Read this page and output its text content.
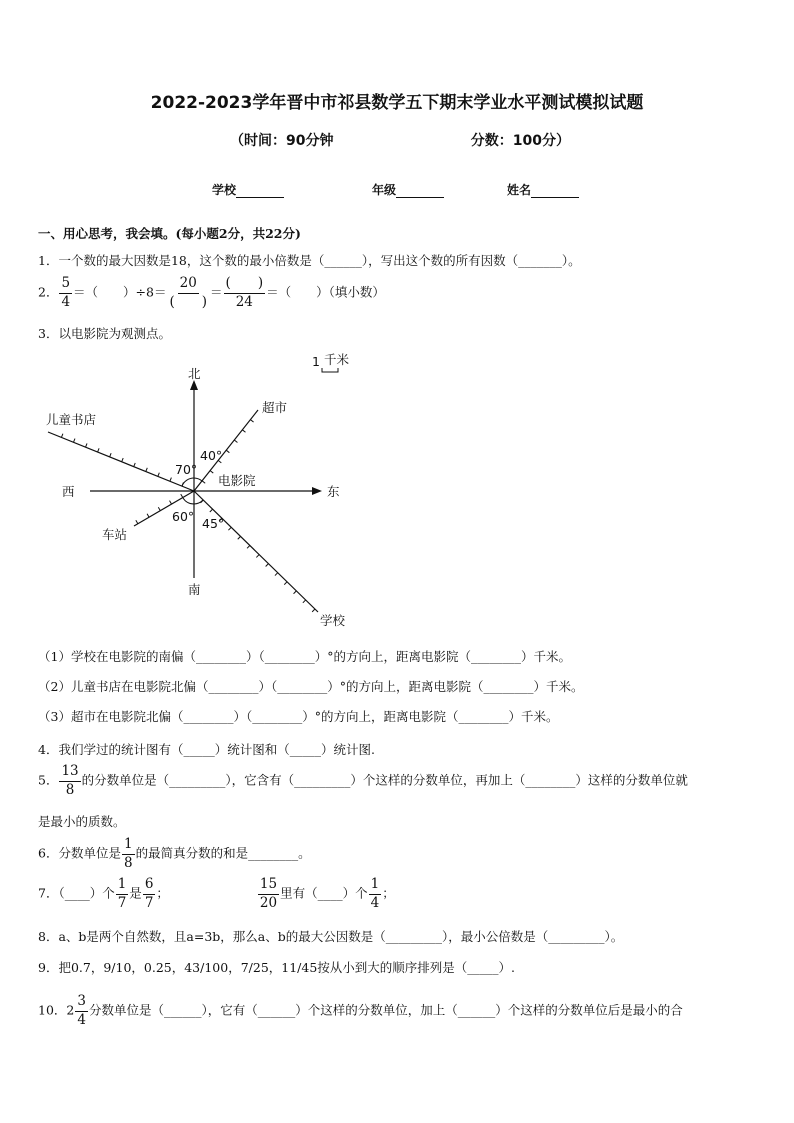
2022-2023学年晋中市祁县数学五下期末学业水平测试模拟试题
（时间：90分钟	分数：100分）
学校	年级	姓名
一、用心思考，我会填。(每小题2分，共22分)
1．一个数的最大因数是18，这个数的最小倍数是（______），写出这个数的所有因数（_______）。
2． $\frac{5}{4}$ ＝（　　）$\div 8= \frac{20}{( )} = \frac{( )}{24}$ ＝（　　）（填小数）
3．以电影院为观测点。
北
南
东
西
电影院
超市
儿童书店
车站
学校
40°
70°
60° 45°
1 千米
（1）学校在电影院的南偏（________）（________）°的方向上，距离电影院（________）千米。
（2）儿童书店在电影院北偏（________）（________）°的方向上，距离电影院（________）千米。
（3）超市在电影院北偏（________）（________）°的方向上，距离电影院（________）千米。
4．我们学过的统计图有（_____）统计图和（_____）统计图.
5． $\frac{13}{8}$ 的分数单位是（_________），它含有（_________）个这样的分数单位，再加上（________）这样的分数单位就
是最小的质数。
6．分数单位是 $\frac{1}{8}$ 的最简真分数的和是________。
7．（____）个 $\frac{1}{7}$ 是 $\frac{6}{7}$ ；	$\frac{15}{20}$ 里有（____）个 $\frac{1}{4}$ ；
8．a、b是两个自然数，且a=3b，那么a、b的最大公因数是（_________），最小公倍数是（_________）。
9．把0.7，9/10，0.25，43/100，7/25，11/45按从小到大的顺序排列是（_____）.
10．$2 \frac{3}{4}$ 分数单位是（______），它有（______）个这样的分数单位，加上（______）个这样的分数单位后是最小的合
